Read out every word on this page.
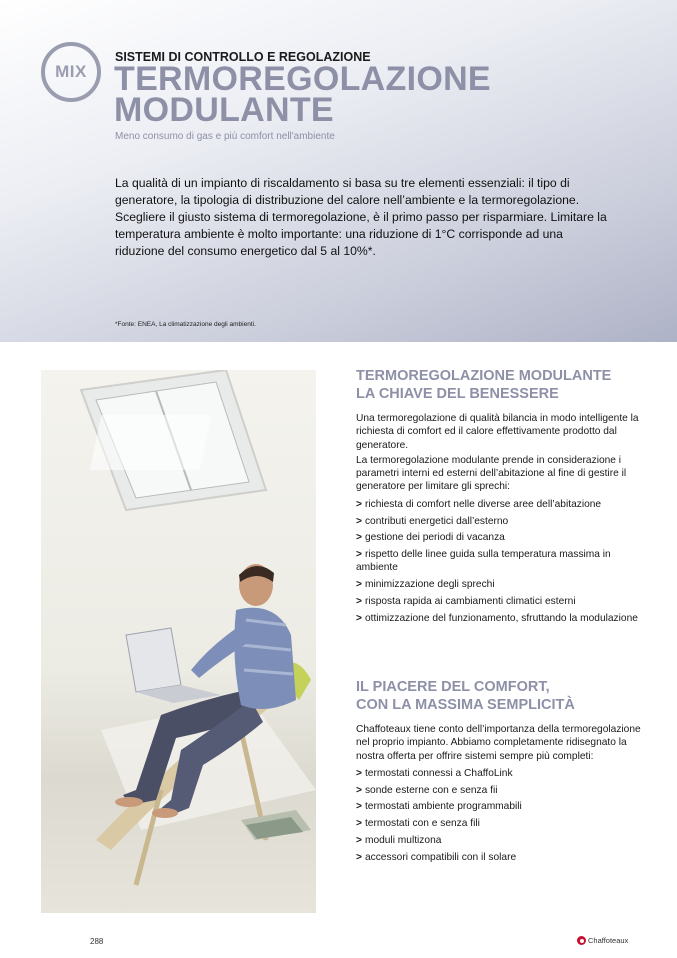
MIX
SISTEMI DI CONTROLLO E REGOLAZIONE
TERMOREGOLAZIONE
MODULANTE
Meno consumo di gas e più comfort nell'ambiente

La qualità di un impianto di riscaldamento si basa su tre elementi essenziali: il tipo di generatore, la tipologia di distribuzione del calore nell’ambiente e la termoregolazione. Scegliere il giusto sistema di termoregolazione, è il primo passo per risparmiare. Limitare la temperatura ambiente è molto importante: una riduzione di 1°C corrisponde ad una riduzione del consumo energetico dal 5 al 10%*.

*Fonte: ENEA, La climatizzazione degli ambienti.
TERMOREGOLAZIONE MODULANTE
LA CHIAVE DEL BENESSERE

Una termoregolazione di qualità bilancia in modo intelligente la richiesta di comfort ed il calore effettivamente prodotto dal generatore.

La termoregolazione modulante prende in considerazione i parametri interni ed esterni dell’abitazione al fine di gestire il generatore per limitare gli sprechi:

> richiesta di comfort nelle diverse aree dell’abitazione
> contributi energetici dall’esterno
> gestione dei periodi di vacanza
> rispetto delle linee guida sulla temperatura massima in ambiente
> minimizzazione degli sprechi
> risposta rapida ai cambiamenti climatici esterni
> ottimizzazione del funzionamento, sfruttando la modulazione
IL PIACERE DEL COMFORT,
CON LA MASSIMA SEMPLICITÀ

Chaffoteaux tiene conto dell’importanza della termoregolazione nel proprio impianto. Abbiamo completamente ridisegnato la nostra offerta per offrire sistemi sempre più completi:

> termostati connessi a ChaffoLink
> sonde esterne con e senza fii
> termostati ambiente programmabili
> termostati con e senza fili
> moduli multizona
> accessori compatibili con il solare
288	Chaffoteaux
